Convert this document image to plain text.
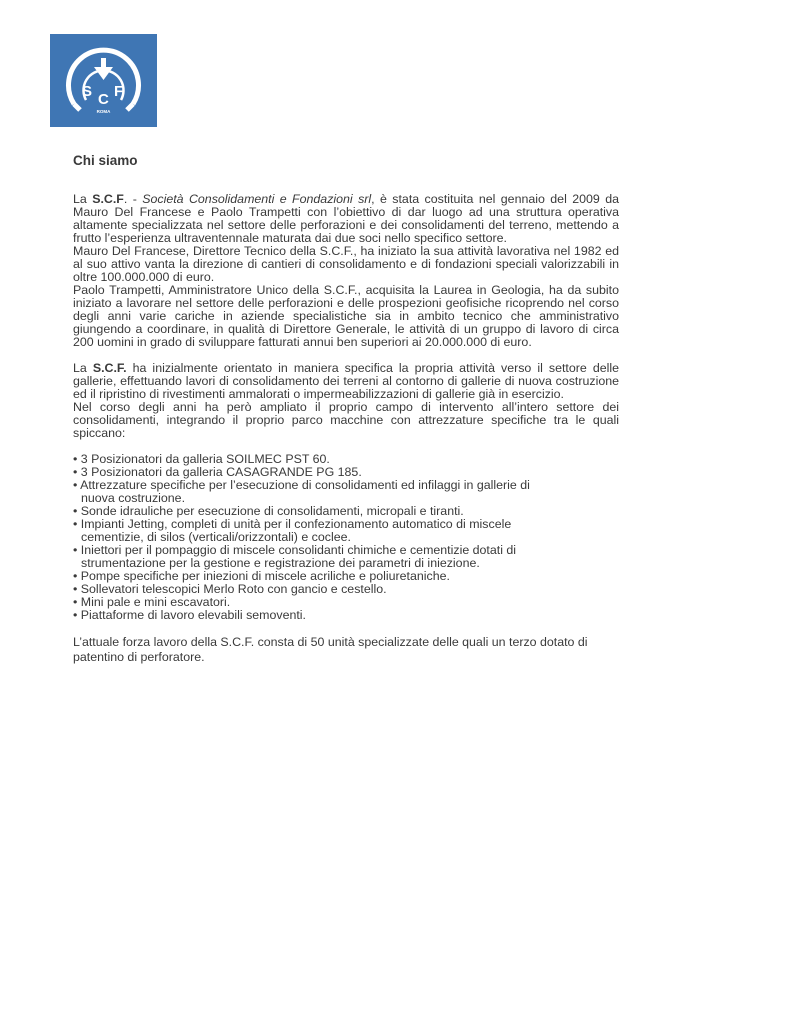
S C F
ROMA
Chi siamo

La S.C.F. - Società Consolidamenti e Fondazioni srl, è stata costituita nel gennaio del 2009 da Mauro Del Francese e Paolo Trampetti con l’obiettivo di dar luogo ad una struttura operativa altamente specializzata nel settore delle perforazioni e dei consolidamenti del terreno, mettendo a frutto l’esperienza ultraventennale maturata dai due soci nello specifico settore.

Mauro Del Francese, Direttore Tecnico della S.C.F., ha iniziato la sua attività lavorativa nel 1982 ed al suo attivo vanta la direzione di cantieri di consolidamento e di fondazioni speciali valorizzabili in oltre 100.000.000 di euro.

Paolo Trampetti, Amministratore Unico della S.C.F., acquisita la Laurea in Geologia, ha da subito iniziato a lavorare nel settore delle perforazioni e delle prospezioni geofisiche ricoprendo nel corso degli anni varie cariche in aziende specialistiche sia in ambito tecnico che amministrativo giungendo a coordinare, in qualità di Direttore Generale, le attività di un gruppo di lavoro di circa 200 uomini in grado di sviluppare fatturati annui ben superiori ai 20.000.000 di euro.

La S.C.F. ha inizialmente orientato in maniera specifica la propria attività verso il settore delle gallerie, effettuando lavori di consolidamento dei terreni al contorno di gallerie di nuova costruzione ed il ripristino di rivestimenti ammalorati o impermeabilizzazioni di gallerie già in esercizio.

Nel corso degli anni ha però ampliato il proprio campo di intervento all’intero settore dei consolidamenti, integrando il proprio parco macchine con attrezzature specifiche tra le quali spiccano:

• 3 Posizionatori da galleria SOILMEC PST 60.
• 3 Posizionatori da galleria CASAGRANDE PG 185.
• Attrezzature specifiche per l’esecuzione di consolidamenti ed infilaggi in gallerie di nuova costruzione.
• Sonde idrauliche per esecuzione di consolidamenti, micropali e tiranti.
• Impianti Jetting, completi di unità per il confezionamento automatico di miscele cementizie, di silos (verticali/orizzontali) e coclee.
• Iniettori per il pompaggio di miscele consolidanti chimiche e cementizie dotati di strumentazione per la gestione e registrazione dei parametri di iniezione.
• Pompe specifiche per iniezioni di miscele acriliche e poliuretaniche.
• Sollevatori telescopici Merlo Roto con gancio e cestello.
• Mini pale e mini escavatori.
• Piattaforme di lavoro elevabili semoventi.

L’attuale forza lavoro della S.C.F. consta di 50 unità specializzate delle quali un terzo dotato di patentino di perforatore.
